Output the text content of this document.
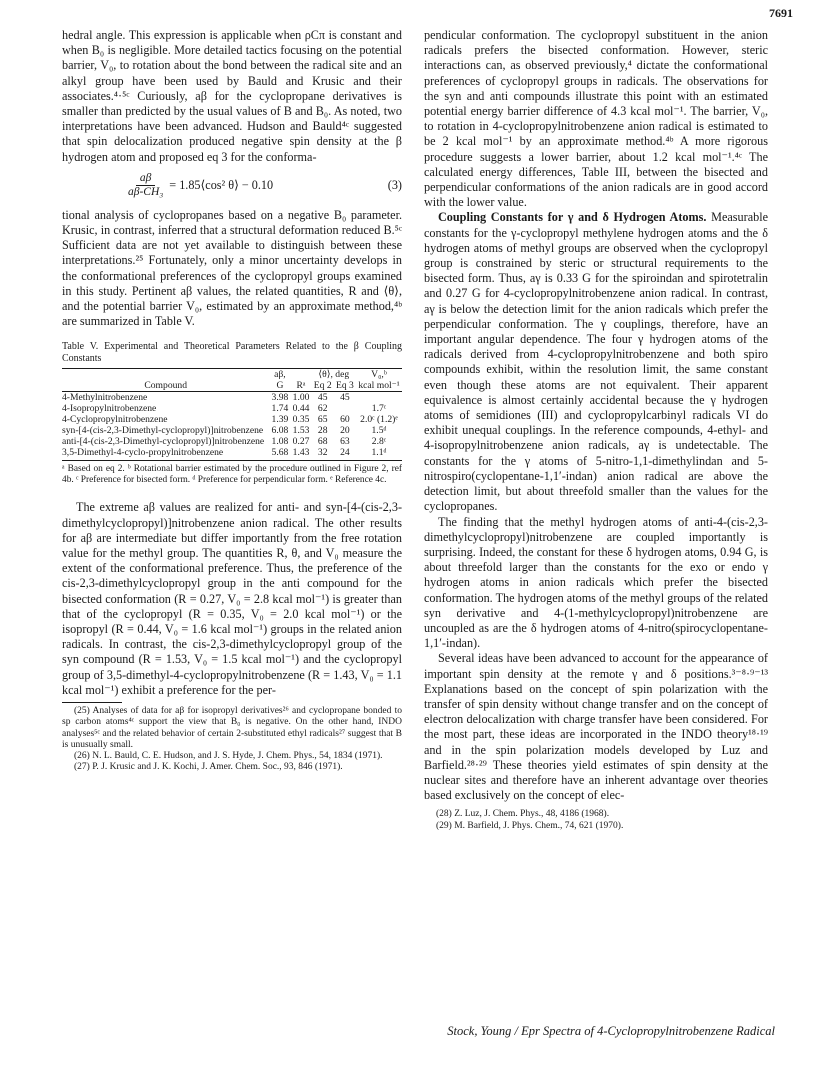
7691

hedral angle. This expression is applicable when ρCπ is constant and when B₀ is negligible. More detailed tactics focusing on the potential barrier, V₀, to rotation about the bond between the radical site and an alkyl group have been used by Bauld and Krusic and their associates.⁴·⁵ᶜ Curiously, aβ for the cyclopropane derivatives is smaller than predicted by the usual values of B and B₀. As noted, two interpretations have been advanced. Hudson and Bauld⁴ᶜ suggested that spin delocalization produced negative spin density at the β hydrogen atom and proposed eq 3 for the conforma-

$\frac{a\beta}{\text{aβ-CH₃}}$ = 1.85⟨cos² θ⟩ − 0.10	(3)

tional analysis of cyclopropanes based on a negative B₀ parameter. Krusic, in contrast, inferred that a structural deformation reduced B.⁵ᶜ Sufficient data are not yet available to distinguish between these interpretations.²⁵ Fortunately, only a minor uncertainty develops in the conformational preferences of the cyclopropyl groups examined in this study. Pertinent aβ values, the related quantities, R and ⟨θ⟩, and the potential barrier V₀, estimated by an approximate method,⁴ᵇ are summarized in Table V.

Table V. Experimental and Theoretical Parameters Related to the β Coupling Constants
	aβ,		⟨θ⟩, deg		V₀,ᵇ
Compound	G	Rᵃ	Eq 2	Eq 3	kcal mol⁻¹
4-Methylnitrobenzene	3.98	1.00	45	45	
4-Isopropylnitrobenzene	1.74	0.44	62		1.7ᶜ
4-Cyclopropylnitrobenzene	1.39	0.35	65	60	2.0ᶜ (1.2)ᵉ
syn-[4-(cis-2,3-Dimethyl-cyclopropyl)]nitrobenzene	6.08	1.53	28	20	1.5ᵈ
anti-[4-(cis-2,3-Dimethyl-cyclopropyl)]nitrobenzene	1.08	0.27	68	63	2.8ᶜ
3,5-Dimethyl-4-cyclo-propylnitrobenzene	5.68	1.43	32	24	1.1ᵈ
ᵃ Based on eq 2. ᵇ Rotational barrier estimated by the procedure outlined in Figure 2, ref 4b. ᶜ Preference for bisected form. ᵈ Preference for perpendicular form. ᵉ Reference 4c.

The extreme aβ values are realized for anti- and syn-[4-(cis-2,3-dimethylcyclopropyl)]nitrobenzene anion radical. The other results for aβ are intermediate but differ importantly from the free rotation value for the methyl group. The quantities R, θ, and V₀ measure the extent of the conformational preference. Thus, the preference of the cis-2,3-dimethylcyclopropyl group in the anti compound for the bisected conformation (R = 0.27, V₀ = 2.8 kcal mol⁻¹) is greater than that of the cyclopropyl (R = 0.35, V₀ = 2.0 kcal mol⁻¹) or the isopropyl (R = 0.44, V₀ = 1.6 kcal mol⁻¹) groups in the related anion radicals. In contrast, the cis-2,3-dimethylcyclopropyl group of the syn compound (R = 1.53, V₀ = 1.5 kcal mol⁻¹) and the cyclopropyl group of 3,5-dimethyl-4-cyclopropylnitrobenzene (R = 1.43, V₀ = 1.1 kcal mol⁻¹) exhibit a preference for the per-

(25) Analyses of data for aβ for isopropyl derivatives²⁶ and cyclopropane bonded to sp carbon atoms⁴ᶜ support the view that B₀ is negative. On the other hand, INDO analyses⁵ᶜ and the related behavior of certain 2-substituted ethyl radicals²⁷ suggest that B is unusually small.

(26) N. L. Bauld, C. E. Hudson, and J. S. Hyde, J. Chem. Phys., 54, 1834 (1971).

(27) P. J. Krusic and J. K. Kochi, J. Amer. Chem. Soc., 93, 846 (1971).

pendicular conformation. The cyclopropyl substituent in the anion radicals prefers the bisected conformation. However, steric interactions can, as observed previously,⁴ dictate the conformational preferences of cyclopropyl groups in radicals. The observations for the syn and anti compounds illustrate this point with an estimated potential energy barrier difference of 4.3 kcal mol⁻¹. The barrier, V₀, to rotation in 4-cyclopropylnitrobenzene anion radical is estimated to be 2 kcal mol⁻¹ by an approximate method.⁴ᵇ A more rigorous procedure suggests a lower barrier, about 1.2 kcal mol⁻¹.⁴ᶜ The calculated energy differences, Table III, between the bisected and perpendicular conformations of the anion radicals are in good accord with the lower value.

Coupling Constants for γ and δ Hydrogen Atoms. Measurable constants for the γ-cyclopropyl methylene hydrogen atoms and the δ hydrogen atoms of methyl groups are observed when the cyclopropyl group is constrained by steric or structural requirements to the bisected form. Thus, aγ is 0.33 G for the spiroindan and spirotetralin and 0.27 G for 4-cyclopropylnitrobenzene anion radical. In contrast, aγ is below the detection limit for the anion radicals which prefer the perpendicular conformation. The γ couplings, therefore, have an important angular dependence. The four γ hydrogen atoms of the radicals derived from 4-cyclopropylnitrobenzene and both spiro compounds exhibit, within the resolution limit, the same constant even though these atoms are not equivalent. Their apparent equivalence is almost certainly accidental because the γ hydrogen atoms of semidiones (III) and cyclopropylcarbinyl radicals VI do exhibit unequal couplings. In the reference compounds, 4-ethyl- and 4-isopropylnitrobenzene anion radicals, aγ is undetectable. The constants for the γ atoms of 5-nitro-1,1-dimethylindan and 5-nitrospiro(cyclopentane-1,1′-indan) anion radical are above the detection limit, but about threefold smaller than the values for the cyclopropanes.

The finding that the methyl hydrogen atoms of anti-4-(cis-2,3-dimethylcyclopropyl)nitrobenzene are coupled importantly is surprising. Indeed, the constant for these δ hydrogen atoms, 0.94 G, is about threefold larger than the constants for the exo or endo γ hydrogen atoms in anion radicals which prefer the bisected conformation. The hydrogen atoms of the methyl groups of the related syn derivative and 4-(1-methylcyclopropyl)nitrobenzene are uncoupled as are the δ hydrogen atoms of 4-nitro(spirocyclopentane-1,1′-indan).

Several ideas have been advanced to account for the appearance of important spin density at the remote γ and δ positions.³⁻⁸·⁹⁻¹³ Explanations based on the concept of spin polarization with the transfer of spin density without change transfer and on the concept of electron delocalization with charge transfer have been considered. For the most part, these ideas are incorporated in the INDO theory¹⁸·¹⁹ and in the spin polarization models developed by Luz and Barfield.²⁸·²⁹ These theories yield estimates of spin density at the nuclear sites and therefore have an inherent advantage over theories based exclusively on the concept of elec-

(28) Z. Luz, J. Chem. Phys., 48, 4186 (1968).

(29) M. Barfield, J. Phys. Chem., 74, 621 (1970).

Stock, Young / Epr Spectra of 4-Cyclopropylnitrobenzene Radical
